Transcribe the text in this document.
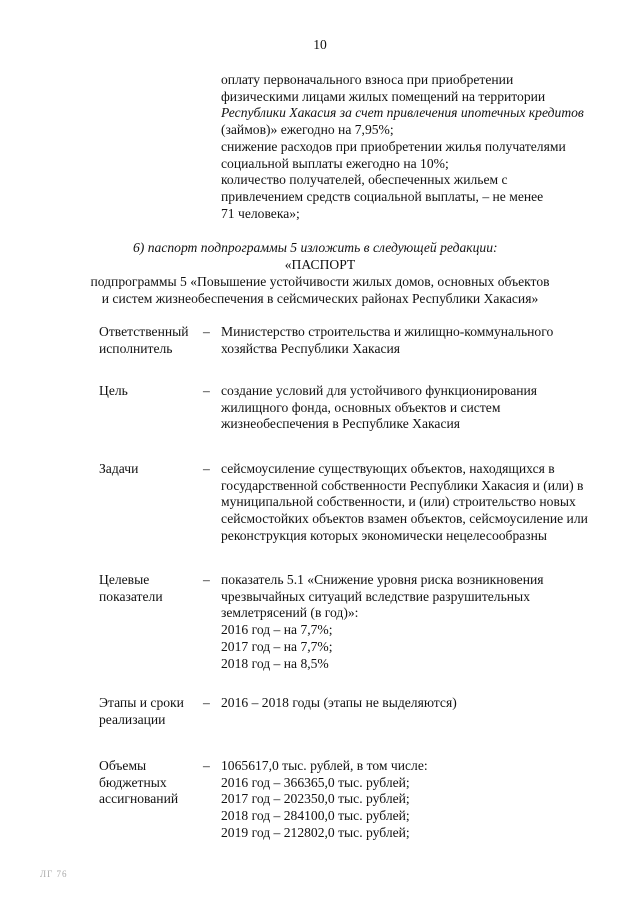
10

оплату первоначального взноса при приобретении
физическими лицами жилых помещений на территории
Республики Хакасия за счет привлечения ипотечных кредитов

(займов)» ежегодно на 7,95%;

снижение расходов при приобретении жилья получателями

социальной выплаты ежегодно на 10%;

количество получателей, обеспеченных жильем с
привлечением средств социальной выплаты, – не менее

71 человека»;

6) паспорт подпрограммы 5 изложить в следующей редакции:
«ПАСПОРТ
подпрограммы 5 «Повышение устойчивости жилых домов, основных объектов
и систем жизнеобеспечения в сейсмических районах Республики Хакасия»
Ответственный
исполнитель
– Министерство строительства и жилищно-коммунального

хозяйства Республики Хакасия

Цель	– создание условий для устойчивого функционирования
жилищного фонда, основных объектов и систем

жизнеобеспечения в Республике Хакасия

Задачи	– сейсмоусиление существующих объектов, находящихся в
государственной собственности Республики Хакасия и (или) в
муниципальной собственности, и (или) строительство новых
сейсмостойких объектов взамен объектов, сейсмоусиление или

реконструкция которых экономически нецелесообразны

Целевые
показатели
– показатель 5.1 «Снижение уровня риска возникновения
чрезвычайных ситуаций вследствие разрушительных

землетрясений (в год)»:

2016 год – на 7,7%;

2017 год – на 7,7%;

2018 год – на 8,5%

Этапы и сроки
реализации
– 2016 – 2018 годы (этапы не выделяются)

Объемы
бюджетных
ассигнований
– 1065617,0 тыс. рублей, в том числе:

2016 год – 366365,0 тыс. рублей;

2017 год – 202350,0 тыс. рублей;

2018 год – 284100,0 тыс. рублей;

2019 год – 212802,0 тыс. рублей;

ЛГ 76
